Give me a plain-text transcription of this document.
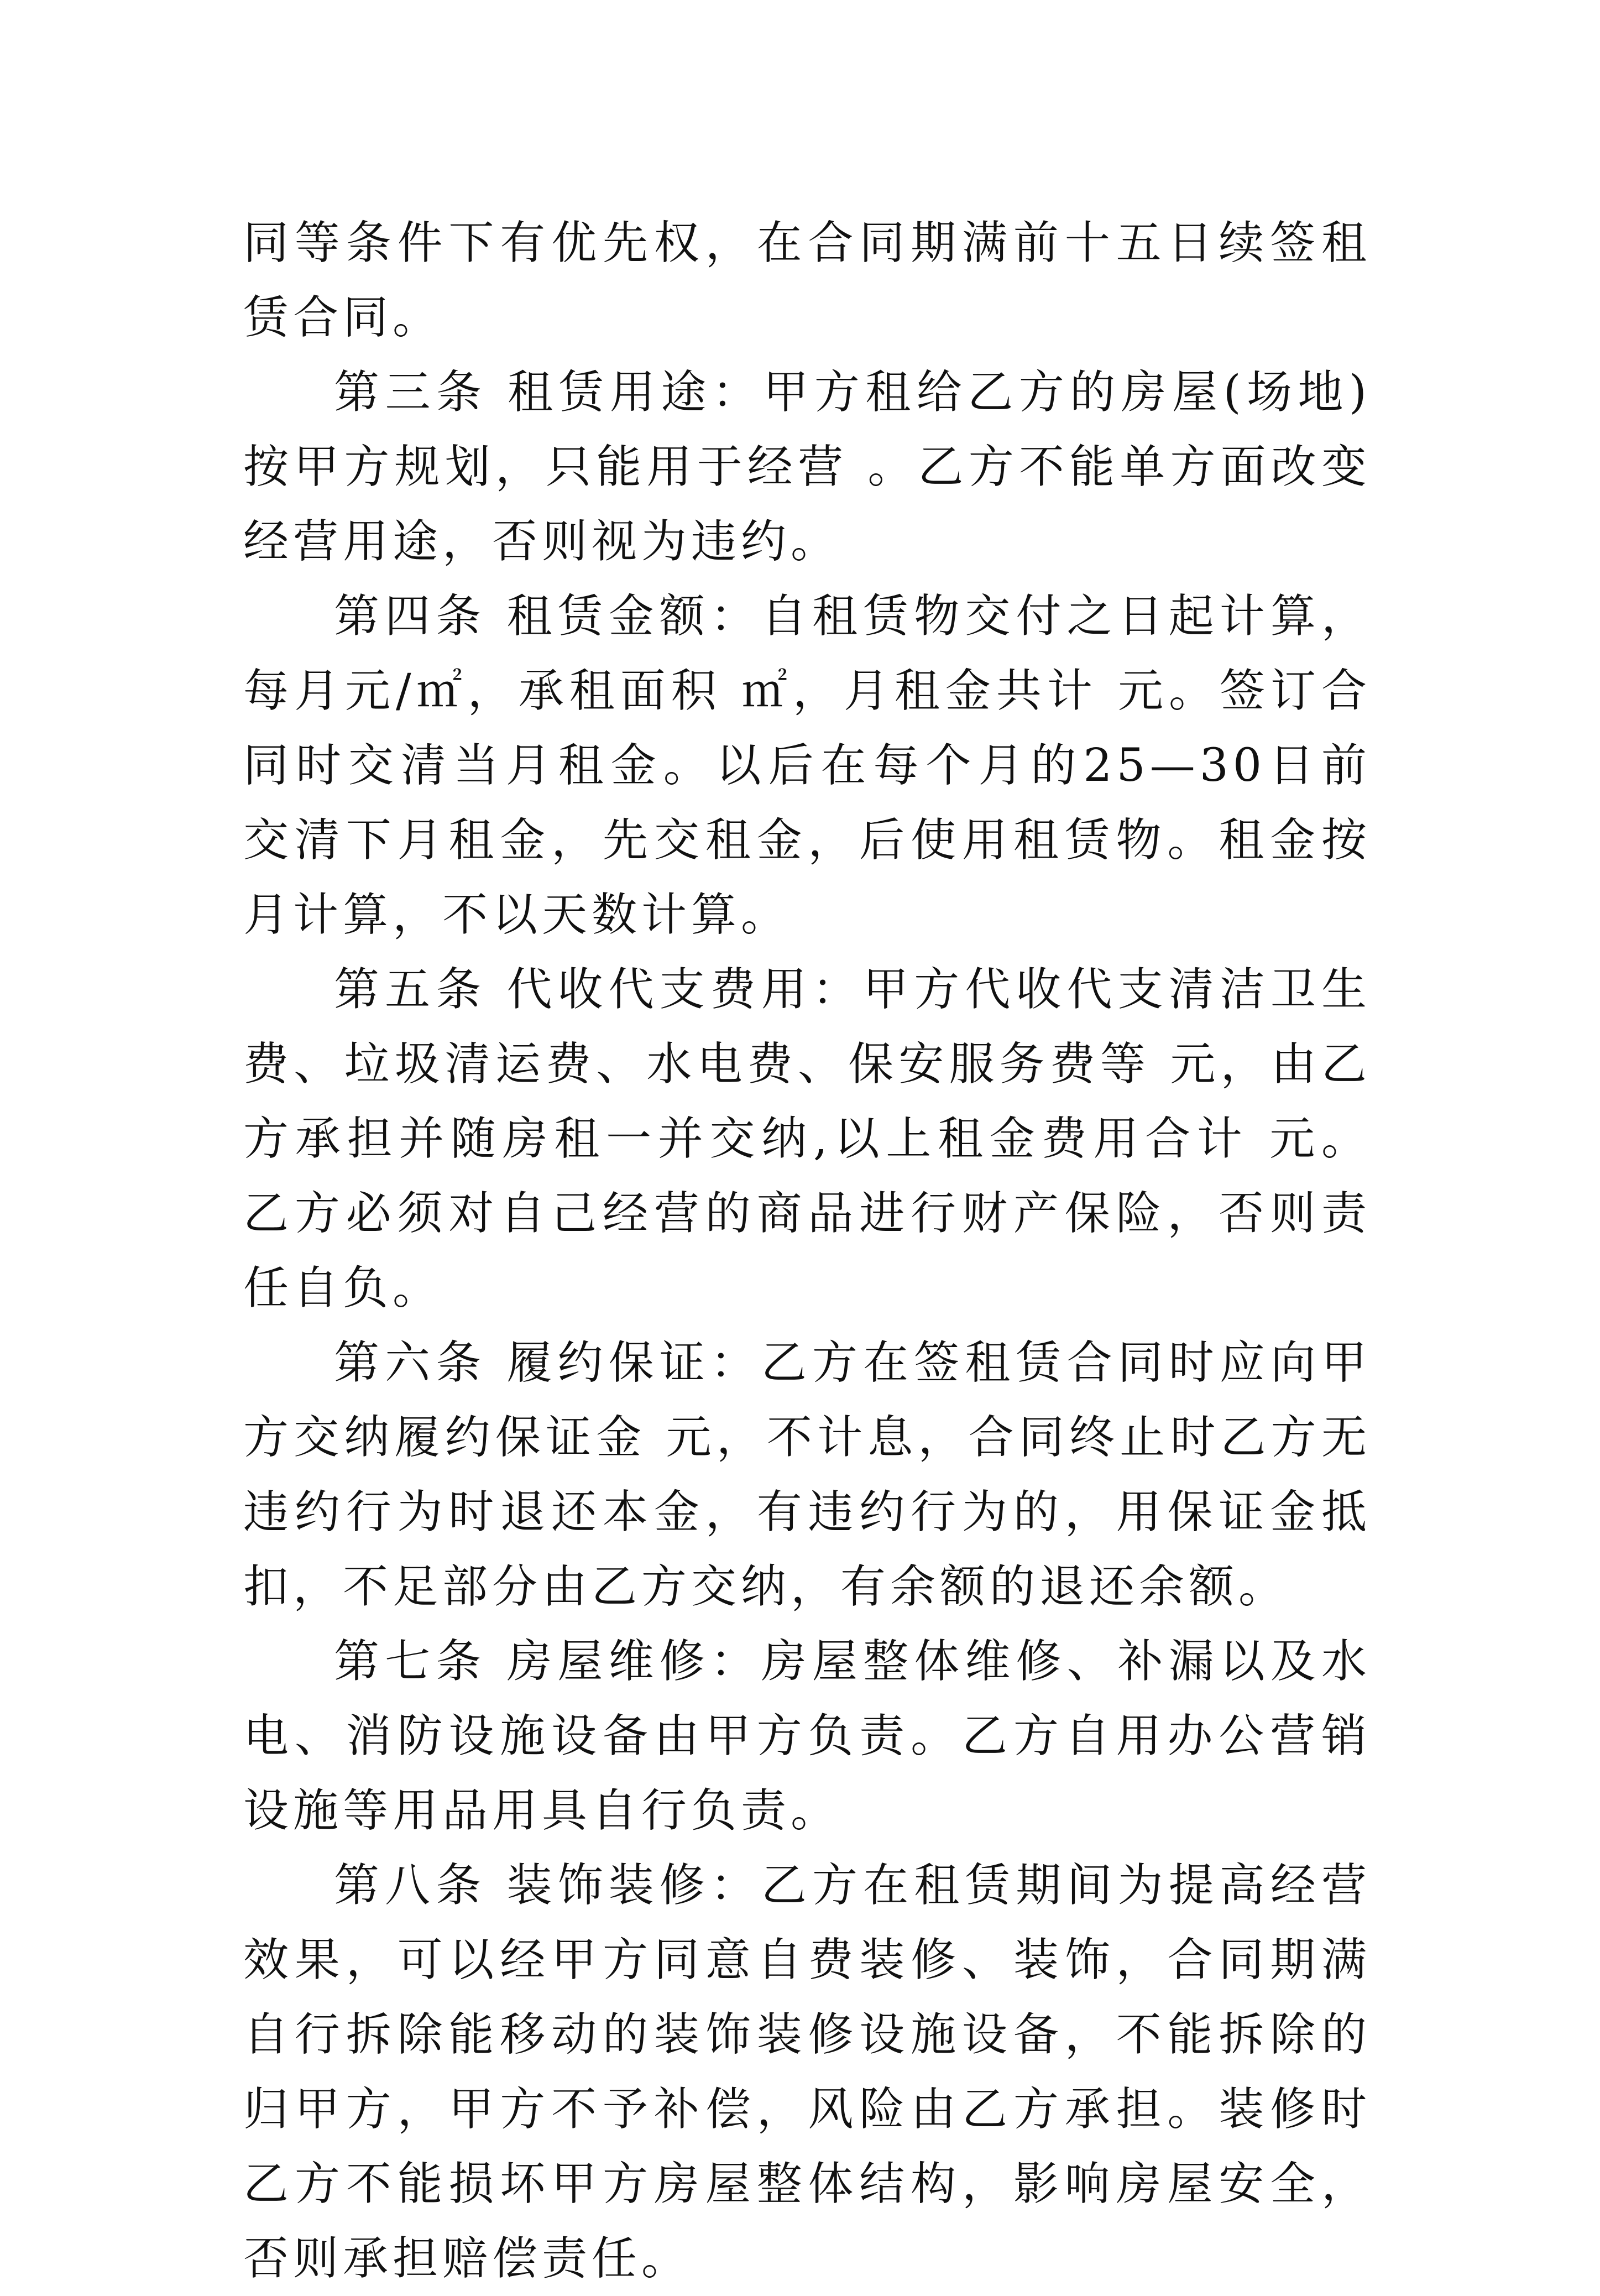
同等条件下有优先权，在合同期满前十五日续签租赁合同。

第三条 租赁用途：甲方租给乙方的房屋(场地)按甲方规划，只能用于经营 。乙方不能单方面改变经营用途，否则视为违约。

第四条 租赁金额：自租赁物交付之日起计算，每月元/㎡，承租面积 ㎡，月租金共计 元。签订合同时交清当月租金。以后在每个月的25—30日前交清下月租金，先交租金，后使用租赁物。租金按月计算，不以天数计算。

第五条 代收代支费用：甲方代收代支清洁卫生费、垃圾清运费、水电费、保安服务费等 元，由乙方承担并随房租一并交纳,以上租金费用合计 元。乙方必须对自己经营的商品进行财产保险，否则责任自负。

第六条 履约保证：乙方在签租赁合同时应向甲方交纳履约保证金 元，不计息，合同终止时乙方无违约行为时退还本金，有违约行为的，用保证金抵扣，不足部分由乙方交纳，有余额的退还余额。

第七条 房屋维修：房屋整体维修、补漏以及水电、消防设施设备由甲方负责。乙方自用办公营销设施等用品用具自行负责。

第八条 装饰装修：乙方在租赁期间为提高经营效果，可以经甲方同意自费装修、装饰，合同期满自行拆除能移动的装饰装修设施设备，不能拆除的归甲方，甲方不予补偿，风险由乙方承担。装修时乙方不能损坏甲方房屋整体结构，影响房屋安全，否则承担赔偿责任。
